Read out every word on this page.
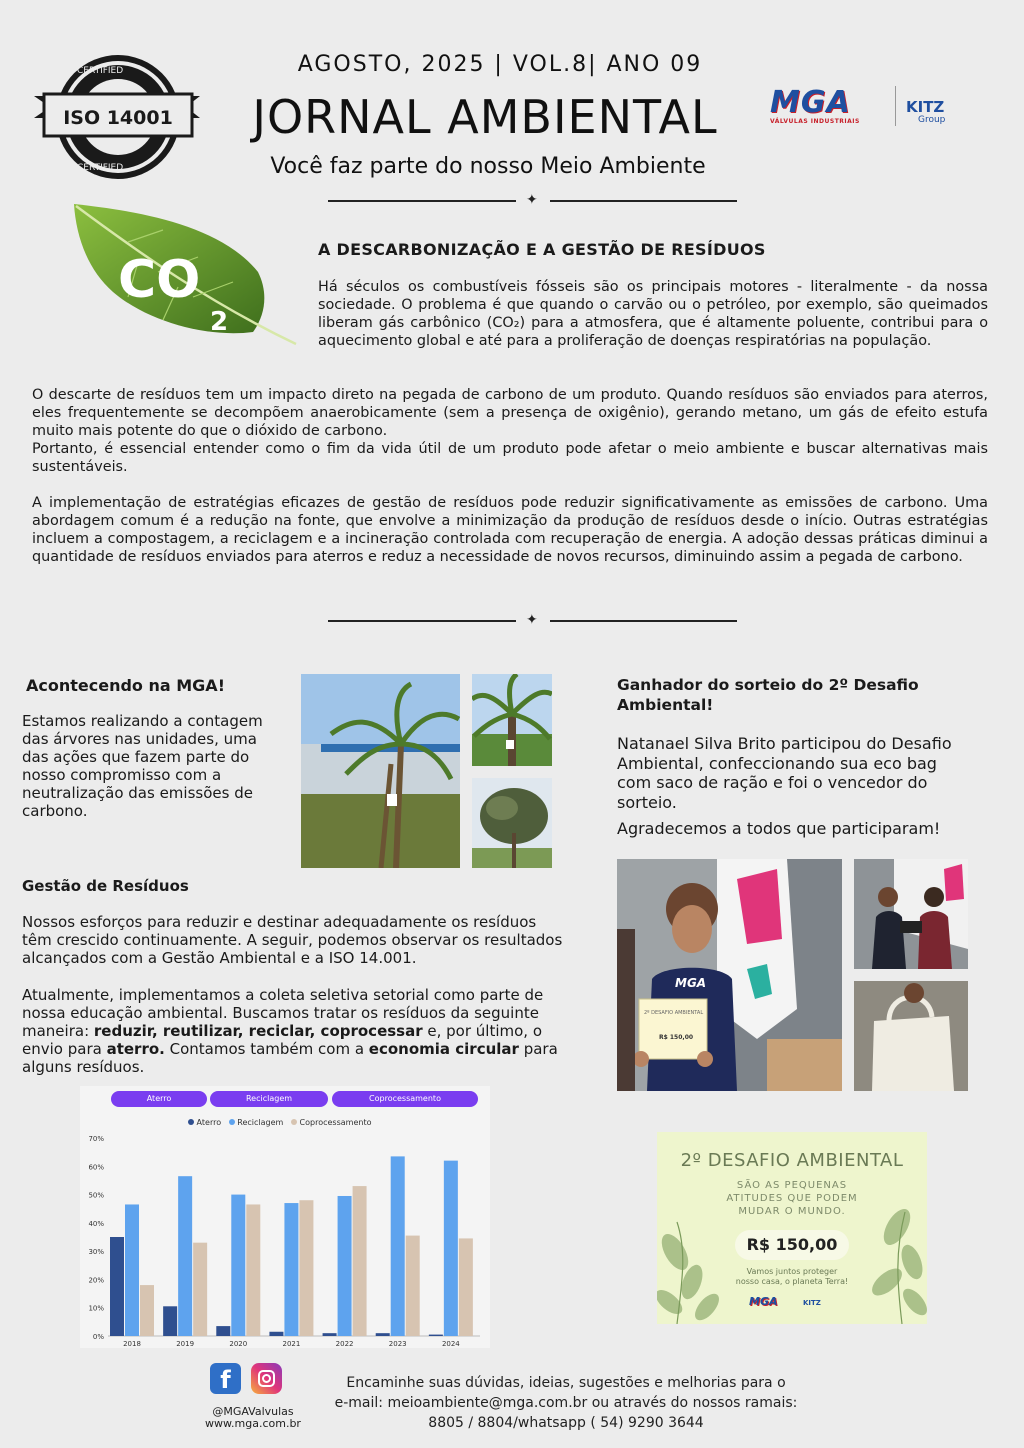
CERTIFIED
CERTIFIED
ISO 14001
AGOSTO, 2025 | VOL.8| ANO 09
JORNAL AMBIENTAL
Você faz parte do nosso Meio Ambiente
MGA
VÁLVULAS INDUSTRIAIS
KITZ
Group
✦
CO
2
A DESCARBONIZAÇÃO E A GESTÃO DE RESÍDUOS

Há séculos os combustíveis fósseis são os principais motores - literalmente - da nossa sociedade. O problema é que quando o carvão ou o petróleo, por exemplo, são queimados liberam gás carbônico (CO₂) para a atmosfera, que é altamente poluente, contribui para o aquecimento global e até para a proliferação de doenças respiratórias na população.

O descarte de resíduos tem um impacto direto na pegada de carbono de um produto. Quando resíduos são enviados para aterros, eles frequentemente se decompõem anaerobicamente (sem a presença de oxigênio), gerando metano, um gás de efeito estufa muito mais potente do que o dióxido de carbono.

Portanto, é essencial entender como o fim da vida útil de um produto pode afetar o meio ambiente e buscar alternativas mais sustentáveis.

A implementação de estratégias eficazes de gestão de resíduos pode reduzir significativamente as emissões de carbono. Uma abordagem comum é a redução na fonte, que envolve a minimização da produção de resíduos desde o início. Outras estratégias incluem a compostagem, a reciclagem e a incineração controlada com recuperação de energia. A adoção dessas práticas diminui a quantidade de resíduos enviados para aterros e reduz a necessidade de novos recursos, diminuindo assim a pegada de carbono.

✦
Acontecendo na MGA!

Estamos realizando a contagem das árvores nas unidades, uma das ações que fazem parte do nosso compromisso com a neutralização das emissões de carbono.

Gestão de Resíduos

Nossos esforços para reduzir e destinar adequadamente os resíduos têm crescido continuamente. A seguir, podemos observar os resultados alcançados com a Gestão Ambiental e a ISO 14.001.

Atualmente, implementamos a coleta seletiva setorial como parte de nossa educação ambiental. Buscamos tratar os resíduos da seguinte maneira: reduzir, reutilizar, reciclar, coprocessar e, por último, o envio para aterro. Contamos também com a economia circular para alguns resíduos.

Aterro	Reciclagem	Coprocessamento
Aterro Reciclagem Coprocessamento
0%
10%
20%
30%
40%
50%
60%
70%
2018	2019	2020	2021	2022	2023	2024
Ganhador do sorteio do 2º Desafio Ambiental!

Natanael Silva Brito participou do Desafio Ambiental, confeccionando sua eco bag com saco de ração e foi o vencedor do sorteio.

Agradecemos a todos que participaram!

MGA
2º DESAFIO AMBIENTAL
R$ 150,00
2º DESAFIO AMBIENTAL
SÃO AS PEQUENAS
ATITUDES QUE PODEM
MUDAR O MUNDO.
R$ 150,00
Vamos juntos proteger
nosso casa, o planeta Terra!
MGA	KITZ
f
@MGAValvulas
www.mga.com.br
Encaminhe suas dúvidas, ideias, sugestões e melhorias para o
e-mail: meioambiente@mga.com.br ou através do nossos ramais:
8805 / 8804/whatsapp ( 54) 9290 3644
